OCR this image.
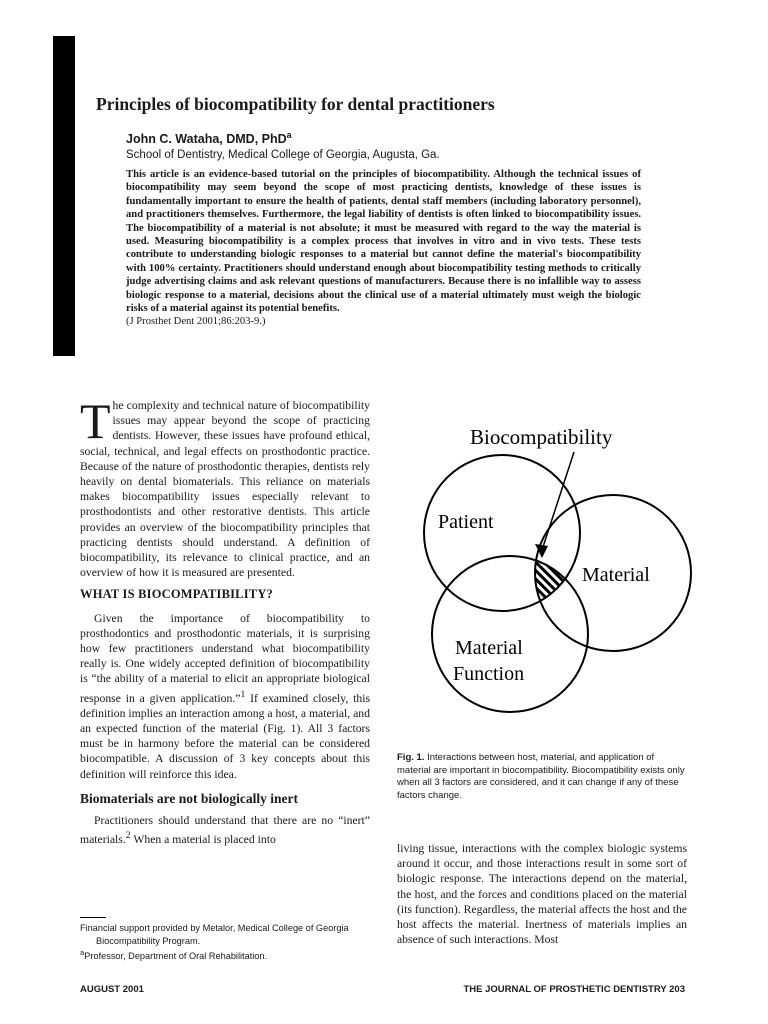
Principles of biocompatibility for dental practitioners
John C. Wataha, DMD, PhD$^a$
School of Dentistry, Medical College of Georgia, Augusta, Ga.

This article is an evidence-based tutorial on the principles of biocompatibility. Although the technical issues of biocompatibility may seem beyond the scope of most practicing dentists, knowledge of these issues is fundamentally important to ensure the health of patients, dental staff members (including laboratory personnel), and practitioners themselves. Furthermore, the legal liability of dentists is often linked to biocompatibility issues. The biocompatibility of a material is not absolute; it must be measured with regard to the way the material is used. Measuring biocompatibility is a complex process that involves in vitro and in vivo tests. These tests contribute to understanding biologic responses to a material but cannot define the material's biocompatibility with 100% certainty. Practitioners should understand enough about biocompatibility testing methods to critically judge advertising claims and ask relevant questions of manufacturers. Because there is no infallible way to assess biologic response to a material, decisions about the clinical use of a material ultimately must weigh the biologic risks of a material against its potential benefits.
(J Prosthet Dent 2001;86:203-9.)

The complexity and technical nature of biocompatibility issues may appear beyond the scope of practicing dentists. However, these issues have profound ethical, social, technical, and legal effects on prosthodontic practice. Because of the nature of prosthodontic therapies, dentists rely heavily on dental biomaterials. This reliance on materials makes biocompatibility issues especially relevant to prosthodontists and other restorative dentists. This article provides an overview of the biocompatibility principles that practicing dentists should understand. A definition of biocompatibility, its relevance to clinical practice, and an overview of how it is measured are presented.

WHAT IS BIOCOMPATIBILITY?

Given the importance of biocompatibility to prosthodontics and prosthodontic materials, it is surprising how few practitioners understand what biocompatibility really is. One widely accepted definition of biocompatibility is “the ability of a material to elicit an appropriate biological response in a given application.”$^1$ If examined closely, this definition implies an interaction among a host, a material, and an expected function of the material (Fig. 1). All 3 factors must be in harmony before the material can be considered biocompatible. A discussion of 3 key concepts about this definition will reinforce this idea.

Biomaterials are not biologically inert

Practitioners should understand that there are no “inert” materials.$^2$ When a material is placed into

Financial support provided by Metalor, Medical College of Georgia Biocompatibility Program.
$^a$Professor, Department of Oral Rehabilitation.
Biocompatibility
Patient
Material
Material
Function
Fig. 1. Interactions between host, material, and application of material are important in biocompatibility. Biocompatibility exists only when all 3 factors are considered, and it can change if any of these factors change.

living tissue, interactions with the complex biologic systems around it occur, and those interactions result in some sort of biologic response. The interactions depend on the material, the host, and the forces and conditions placed on the material (its function). Regardless, the material affects the host and the host affects the material. Inertness of materials implies an absence of such interactions. Most

AUGUST 2001	THE JOURNAL OF PROSTHETIC DENTISTRY 203
